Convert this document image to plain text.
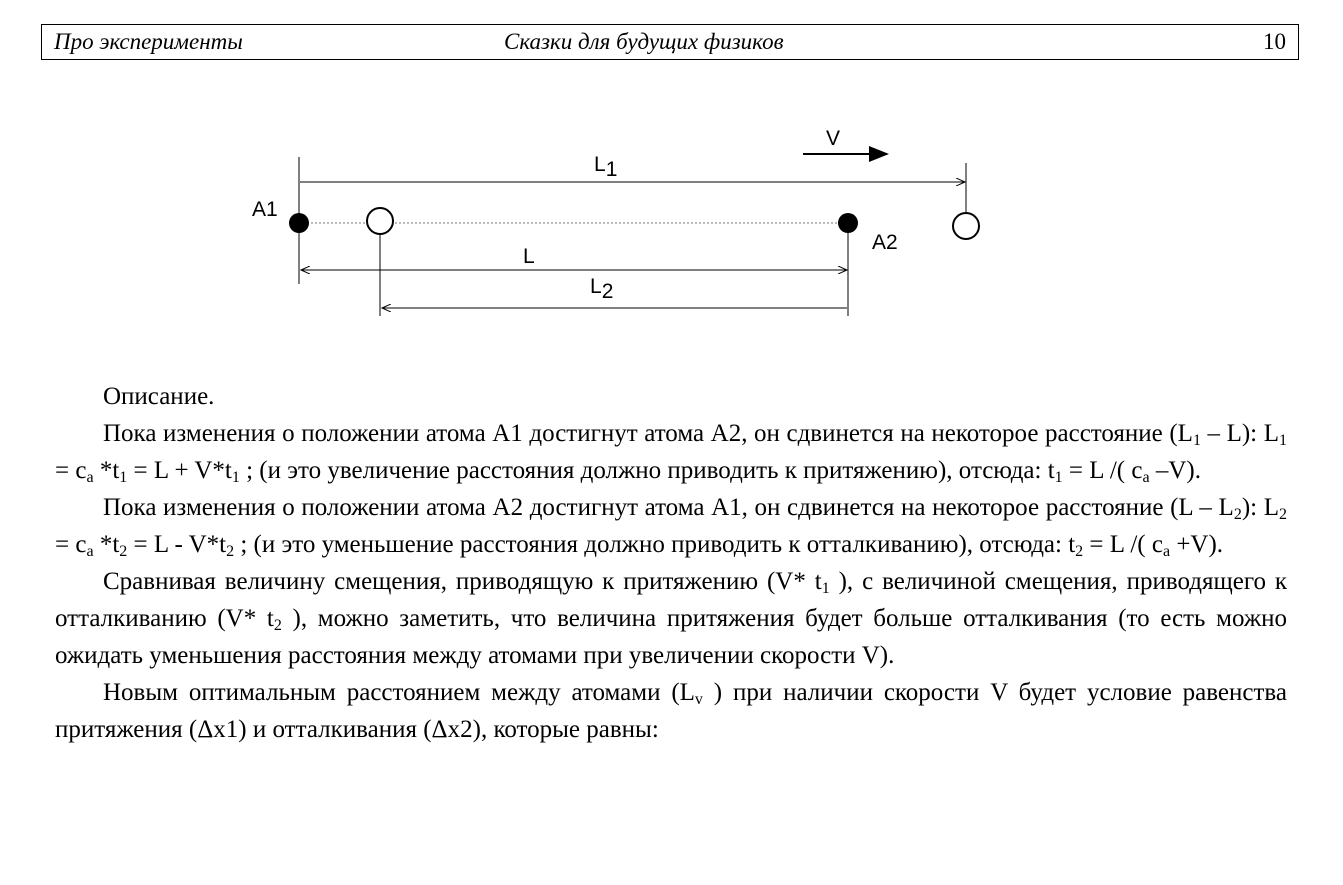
Про эксперименты	Сказки для будущих физиков	10
V
L1
A1
A2
L
L2

Описание.

Пока изменения о положении атома А1 достигнут атома А2, он сдвинется на некоторое расстояние $(L_1 - L)$: $L_1 = c_a$ $*t_1 = L + V*t_1$ ; (и это увеличение расстояния должно приводить к притяжению), отсюда: $t_1 = L$ /( $c_a$ –V).

Пока изменения о положении атома А2 достигнут атома А1, он сдвинется на некоторое расстояние $(L - L_2)$: $L_2 = c_a$ $*t_2 = L - V*t_2$ ; (и это уменьшение расстояния должно приводить к отталкиванию), отсюда: $t_2 = L$ /( $c_a +V$).

Сравнивая величину смещения, приводящую к притяжению (V* $t_1$ ), с величиной смещения, приводящего к отталкиванию (V* $t_2$ ), можно заметить, что величина притяжения будет больше отталкивания (то есть можно ожидать уменьшения расстояния между атомами при увеличении скорости V).

Новым оптимальным расстоянием между атомами ($L_v$ ) при наличии скорости V будет условие равенства притяжения (Δx1) и отталкивания (Δx2), которые равны:
